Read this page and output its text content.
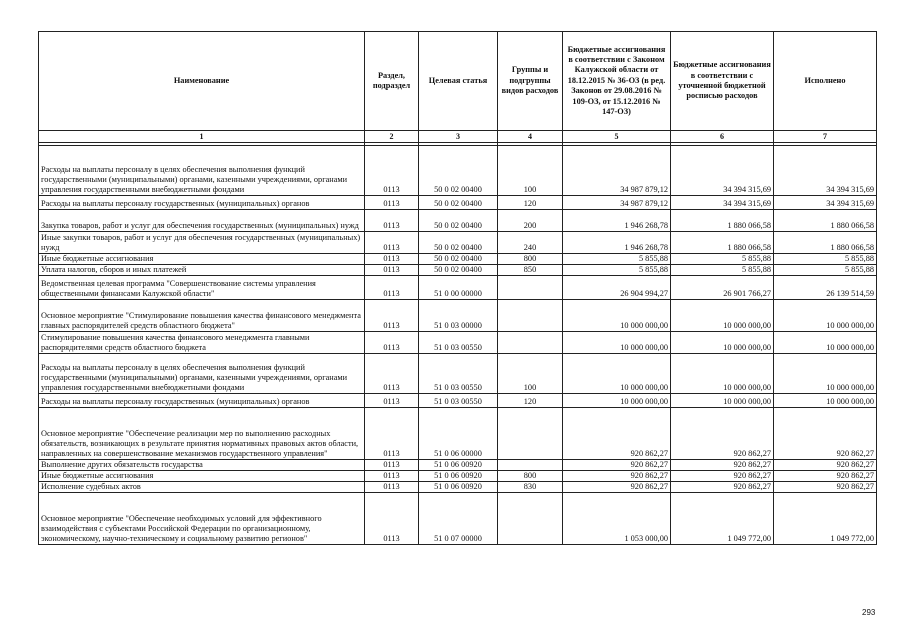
Наименование	Раздел, подраздел	Целевая статья	Группы и подгруппы видов расходов	Бюджетные ассигнования в соответствии с Законом Калужской области от 18.12.2015 № 36-ОЗ (в ред. Законов от 29.08.2016 № 109-ОЗ, от 15.12.2016 № 147-ОЗ)	Бюджетные ассигнования в соответствии с уточненной бюджетной росписью расходов	Исполнено
1	2	3	4	5	6	7

Расходы на выплаты персоналу в целях обеспечения выполнения функций государственными (муниципальными) органами, казенными учреждениями, органами управления государственными внебюджетными фондами	0113	50 0 02 00400	100	34 987 879,12	34 394 315,69	34 394 315,69
Расходы на выплаты персоналу государственных (муниципальных) органов	0113	50 0 02 00400	120	34 987 879,12	34 394 315,69	34 394 315,69
Закупка товаров, работ и услуг для обеспечения государственных (муниципальных) нужд	0113	50 0 02 00400	200	1 946 268,78	1 880 066,58	1 880 066,58
Иные закупки товаров, работ и услуг для обеспечения государственных (муниципальных) нужд	0113	50 0 02 00400	240	1 946 268,78	1 880 066,58	1 880 066,58
Иные бюджетные ассигнования	0113	50 0 02 00400	800	5 855,88	5 855,88	5 855,88
Уплата налогов, сборов и иных платежей	0113	50 0 02 00400	850	5 855,88	5 855,88	5 855,88
Ведомственная целевая программа "Совершенствование системы управления общественными финансами Калужской области"	0113	51 0 00 00000		26 904 994,27	26 901 766,27	26 139 514,59
Основное мероприятие "Стимулирование повышения качества финансового менеджмента главных распорядителей средств областного бюджета"	0113	51 0 03 00000		10 000 000,00	10 000 000,00	10 000 000,00
Стимулирование повышения качества финансового менеджмента главными распорядителями средств областного бюджета	0113	51 0 03 00550		10 000 000,00	10 000 000,00	10 000 000,00
Расходы на выплаты персоналу в целях обеспечения выполнения функций государственными (муниципальными) органами, казенными учреждениями, органами управления государственными внебюджетными фондами	0113	51 0 03 00550	100	10 000 000,00	10 000 000,00	10 000 000,00
Расходы на выплаты персоналу государственных (муниципальных) органов	0113	51 0 03 00550	120	10 000 000,00	10 000 000,00	10 000 000,00
Основное мероприятие "Обеспечение реализации мер по выполнению расходных обязательств, возникающих в результате принятия нормативных правовых актов области, направленных на совершенствование механизмов государственного управления"	0113	51 0 06 00000		920 862,27	920 862,27	920 862,27
Выполнение других обязательств государства	0113	51 0 06 00920		920 862,27	920 862,27	920 862,27
Иные бюджетные ассигнования	0113	51 0 06 00920	800	920 862,27	920 862,27	920 862,27
Исполнение судебных актов	0113	51 0 06 00920	830	920 862,27	920 862,27	920 862,27
Основное мероприятие "Обеспечение необходимых условий для эффективного взаимодействия с субъектами Российской Федерации по организационному, экономическому, научно-техническому и социальному развитию регионов"	0113	51 0 07 00000		1 053 000,00	1 049 772,00	1 049 772,00
293
